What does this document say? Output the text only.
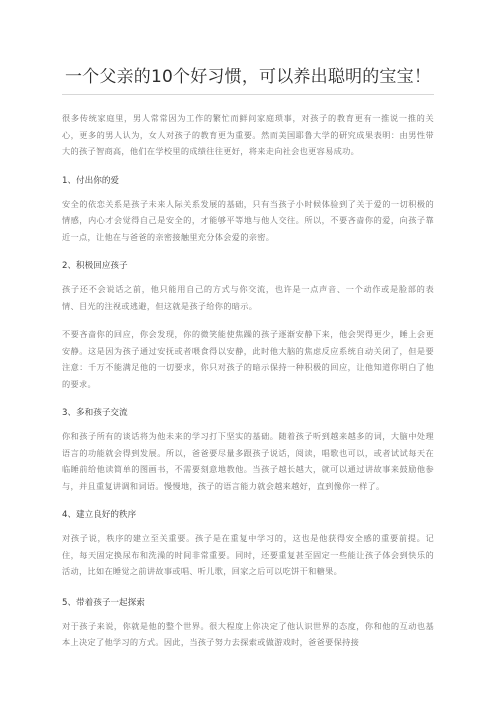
一个父亲的10个好习惯，可以养出聪明的宝宝！

很多传统家庭里，男人常常因为工作的繁忙而鲜问家庭琐事，对孩子的教育更有一推说一推的关心，更多的男人认为，女人对孩子的教育更为重要。然而美国耶鲁大学的研究成果表明：由男性带大的孩子智商高，他们在学校里的成绩往往更好，将来走向社会也更容易成功。

1、付出你的爱

安全的依恋关系是孩子未来人际关系发展的基础，只有当孩子小时候体验到了关于爱的一切积极的情感，内心才会觉得自己是安全的，才能够平等地与他人交往。所以，不要吝啬你的爱，向孩子靠近一点，让他在与爸爸的亲密接触里充分体会爱的亲密。

2、积极回应孩子

孩子还不会说话之前，他只能用自己的方式与你交流，也许是一点声音、一个动作或是脸部的表情、目光的注视或逃避，但这就是孩子给你的暗示。

不要吝啬你的回应，你会发现，你的微笑能使焦躁的孩子逐渐安静下来，他会哭得更少，睡上会更安静。这是因为孩子通过安抚或者喂食得以安静，此时他大脑的焦虑反应系统自动关闭了，但是要注意：千万不能满足他的一切要求，你只对孩子的暗示保持一种积极的回应，让他知道你明白了他的要求。

3、多和孩子交流

你和孩子所有的谈话将为他未来的学习打下坚实的基础。随着孩子听到越来越多的词，大脑中处理语言的功能就会得到发展。所以，爸爸要尽量多跟孩子说话，阅读，唱歌也可以，或者试试每天在临睡前给他读简单的图画书，不需要刻意地教他。当孩子越长越大，就可以通过讲故事来鼓励他参与，并且重复讲调和词语。慢慢地，孩子的语言能力就会越来越好，直到像你一样了。

4、建立良好的秩序

对孩子说，秩序的建立至关重要。孩子是在重复中学习的，这也是他获得安全感的重要前提。记住，每天固定换尿布和洗澡的时间非常重要。同时，还要重复甚至固定一些能让孩子体会到快乐的活动，比如在睡觉之前讲故事或唱、听儿歌，回家之后可以吃饼干和糖果。

5、带着孩子一起探索

对于孩子来说，你就是他的整个世界。很大程度上你决定了他认识世界的态度，你和他的互动也基本上决定了他学习的方式。因此，当孩子努力去探索或做游戏时，爸爸要保持接
